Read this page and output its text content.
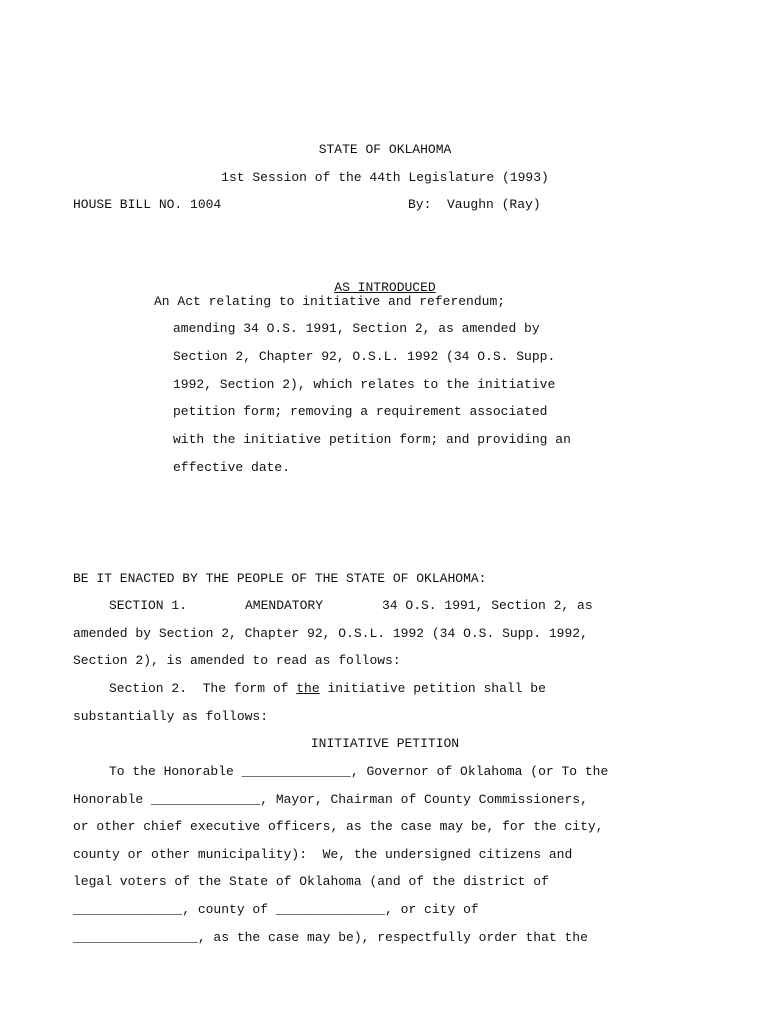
STATE OF OKLAHOMA
1st Session of the 44th Legislature (1993)
HOUSE BILL NO. 1004	By:  Vaughn (Ray)
AS INTRODUCED
An Act relating to initiative and referendum;
amending 34 O.S. 1991, Section 2, as amended by
Section 2, Chapter 92, O.S.L. 1992 (34 O.S. Supp.
1992, Section 2), which relates to the initiative
petition form; removing a requirement associated
with the initiative petition form; and providing an
effective date.
BE IT ENACTED BY THE PEOPLE OF THE STATE OF OKLAHOMA:
SECTION 1.	AMENDATORY	34 O.S. 1991, Section 2, as
amended by Section 2, Chapter 92, O.S.L. 1992 (34 O.S. Supp. 1992,
Section 2), is amended to read as follows:
Section 2.  The form of the initiative petition shall be
substantially as follows:
INITIATIVE PETITION
To the Honorable ______________, Governor of Oklahoma (or To the
Honorable ______________, Mayor, Chairman of County Commissioners,
or other chief executive officers, as the case may be, for the city,
county or other municipality):  We, the undersigned citizens and
legal voters of the State of Oklahoma (and of the district of
______________, county of ______________, or city of
________________, as the case may be), respectfully order that the
